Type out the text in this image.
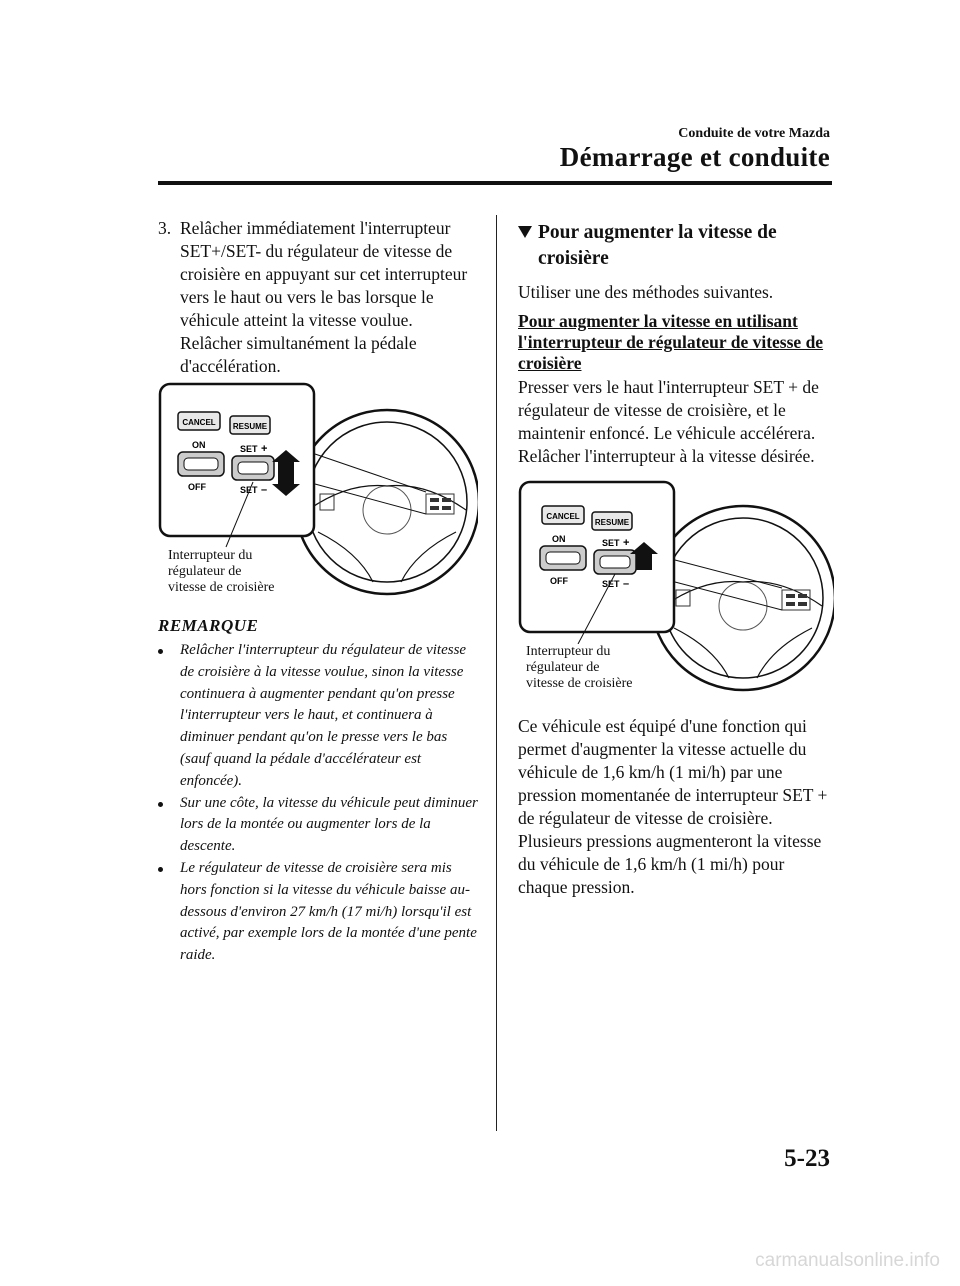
Conduite de votre Mazda
Démarrage et conduite
3. Relâcher immédiatement l'interrupteur SET+/SET- du régulateur de vitesse de croisière en appuyant sur cet interrupteur vers le haut ou vers le bas lorsque le véhicule atteint la vitesse voulue. Relâcher simultanément la pédale d'accélération.
CANCEL RESUME
ON
OFF
SET +
SET –
Interrupteur du
régulateur de
vitesse de croisière
REMARQUE
Relâcher l'interrupteur du régulateur de vitesse de croisière à la vitesse voulue, sinon la vitesse continuera à augmenter pendant qu'on presse l'interrupteur vers le haut, et continuera à diminuer pendant qu'on le presse vers le bas (sauf quand la pédale d'accélérateur est enfoncée).
Sur une côte, la vitesse du véhicule peut diminuer lors de la montée ou augmenter lors de la descente.
Le régulateur de vitesse de croisière sera mis hors fonction si la vitesse du véhicule baisse au-dessous d'environ 27 km/h (17 mi/h) lorsqu'il est activé, par exemple lors de la montée d'une pente raide.
Pour augmenter la vitesse de croisière
Utiliser une des méthodes suivantes.
Pour augmenter la vitesse en utilisant l'interrupteur de régulateur de vitesse de croisière
Presser vers le haut l'interrupteur SET + de régulateur de vitesse de croisière, et le maintenir enfoncé. Le véhicule accélérera. Relâcher l'interrupteur à la vitesse désirée.
CANCEL
RESUME
ON
OFF
SET +
SET –
Interrupteur du
régulateur de
vitesse de croisière
Ce véhicule est équipé d'une fonction qui permet d'augmenter la vitesse actuelle du véhicule de 1,6 km/h (1 mi/h) par une pression momentanée de interrupteur SET + de régulateur de vitesse de croisière. Plusieurs pressions augmenteront la vitesse du véhicule de 1,6 km/h (1 mi/h) pour chaque pression.
5-23
carmanualsonline.info
